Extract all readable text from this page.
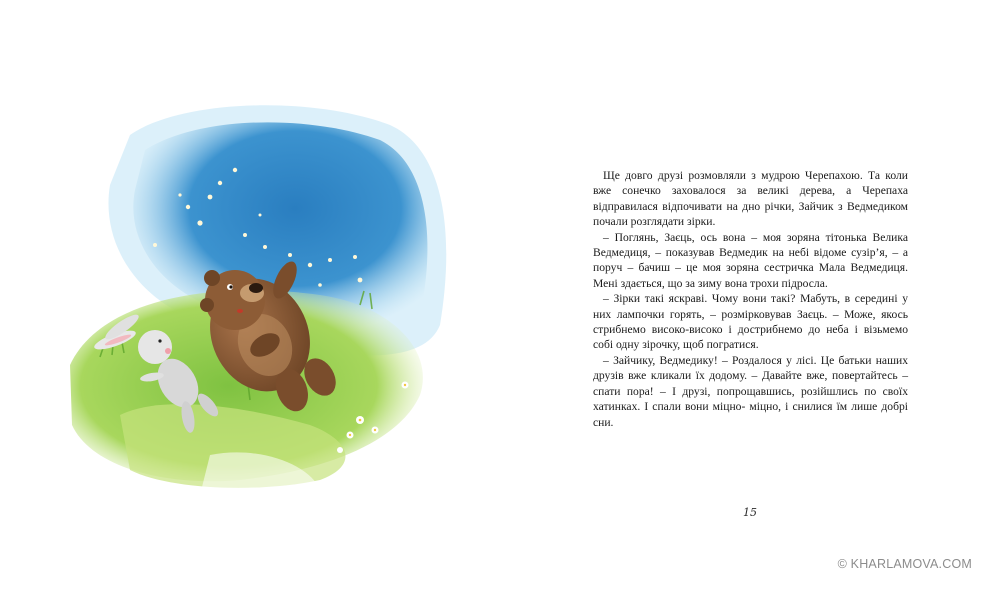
Ще довго друзі розмовляли з мудрою Черепахою. Та коли вже сонечко заховалося за великі дерева, а Черепаха відправилася відпочивати на дно річки, Зайчик з Ведмедиком почали розглядати зірки.

– Поглянь, Заєць, ось вона – моя зоряна тітонька Велика Ведмедиця, – показував Ведмедик на небі відоме сузір’я, – а поруч – бачиш – це моя зоряна сестричка Мала Ведмедиця. Мені здається, що за зиму вона трохи підросла.

– Зірки такі яскраві. Чому вони такі? Мабуть, в середині у них лампочки горять, – розмірковував Заєць. – Може, якось стрибнемо високо-високо і дострибнемо до неба і візьмемо собі одну зірочку, щоб погратися.

– Зайчику, Ведмедику! – Роздалося у лісі. Це батьки наших друзів вже кликали їх додому. – Давайте вже, повертайтесь – спати пора! – І друзі, попрощавшись, розійшлись по своїх хатинках. І спали вони міцно- міцно, і снилися їм лише добрі сни.

15
© KHARLAMOVA.COM
